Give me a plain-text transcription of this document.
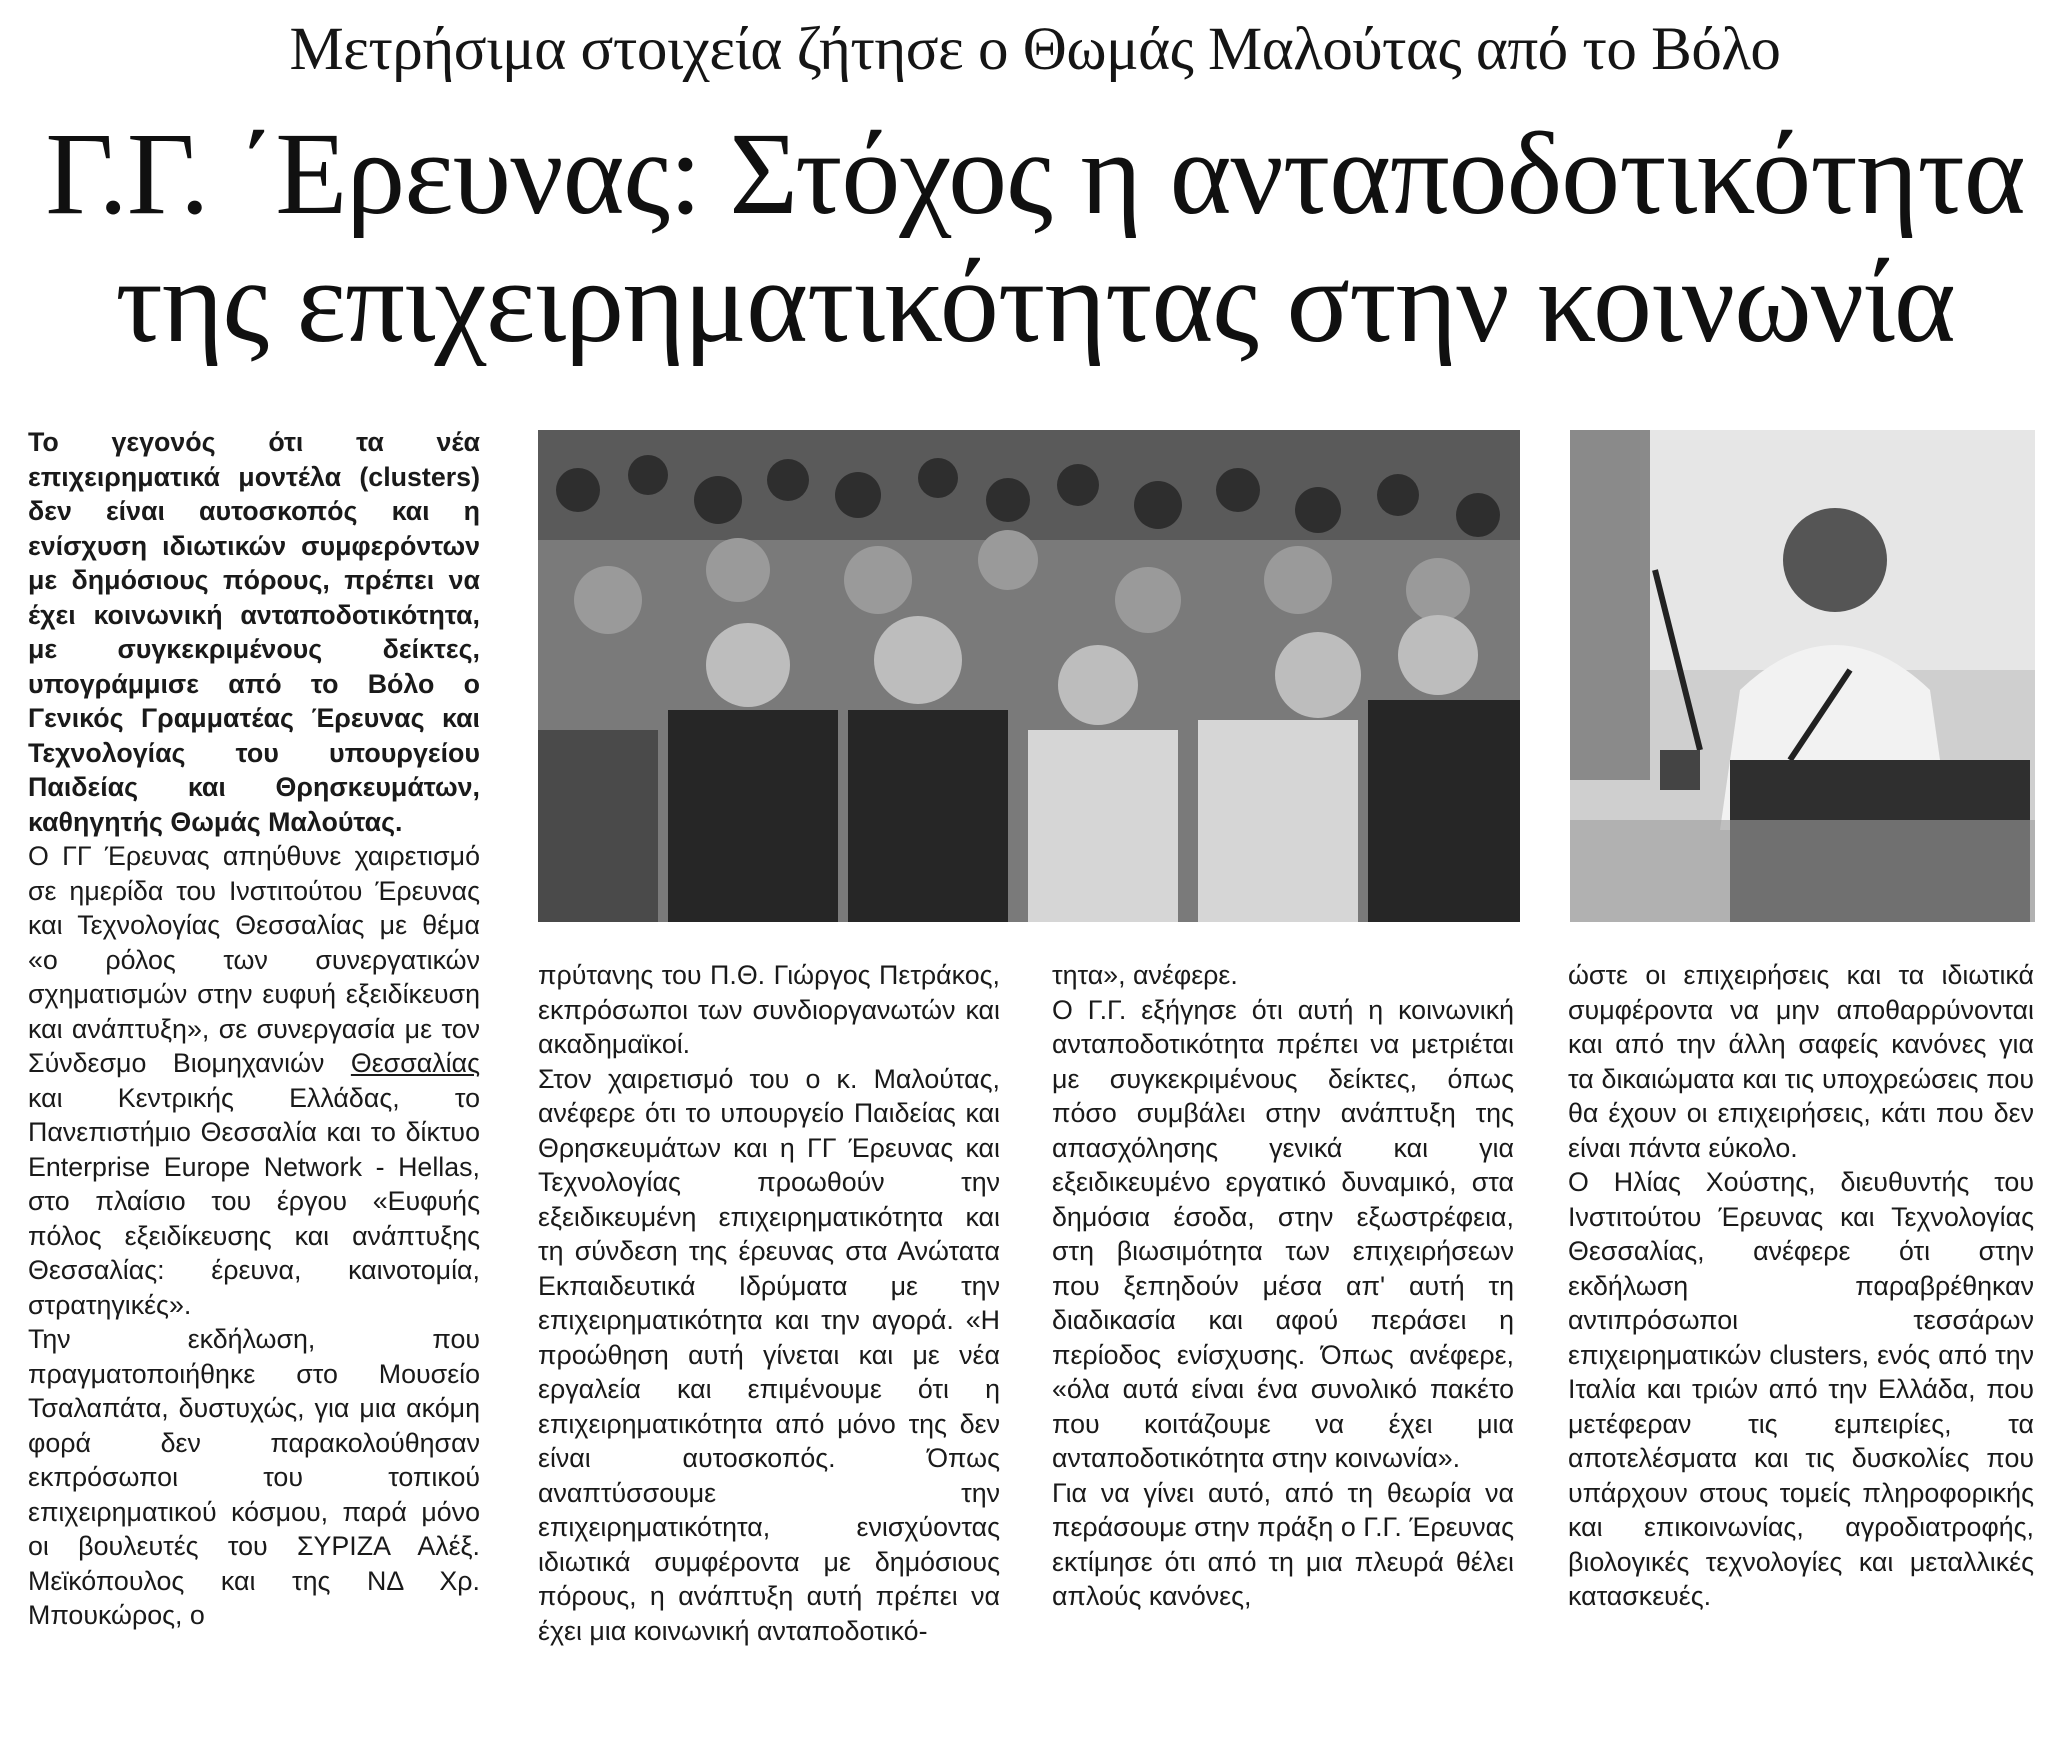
Μετρήσιμα στοιχεία ζήτησε ο Θωμάς Μαλούτας από το Βόλο
Γ.Γ. ΄Ερευνας: Στόχος η ανταποδοτικότητα
της επιχειρηματικότητας στην κοινωνία

Το γεγονός ότι τα νέα επιχειρηματικά μοντέλα (clusters) δεν είναι αυτοσκοπός και η ενίσχυση ιδιωτικών συμφερόντων με δημόσιους πόρους, πρέπει να έχει κοινωνική ανταποδοτικότητα, με συγκεκριμένους δείκτες, υπογράμμισε από το Βόλο ο Γενικός Γραμματέας Έρευνας και Τεχνολογίας του υπουργείου Παιδείας και Θρησκευμάτων, καθηγητής Θωμάς Μαλούτας.

Ο ΓΓ Έρευνας απηύθυνε χαιρετισμό σε ημερίδα του Ινστιτούτου Έρευνας και Τεχνολογίας Θεσσαλίας με θέμα «ο ρόλος των συνεργατικών σχηματισμών στην ευφυή εξειδίκευση και ανάπτυξη», σε συνεργασία με τον Σύνδεσμο Βιομηχανιών Θεσσαλίας και Κεντρικής Ελλάδας, το Πανεπιστήμιο Θεσσαλία και το δίκτυο Enterprise Europe Network - Hellas, στο πλαίσιο του έργου «Ευφυής πόλος εξειδίκευσης και ανάπτυξης Θεσσαλίας: έρευνα, καινοτομία, στρατηγικές».

Την εκδήλωση, που πραγματοποιήθηκε στο Μουσείο Τσαλαπάτα, δυστυχώς, για μια ακόμη φορά δεν παρακολούθησαν εκπρόσωποι του τοπικού επιχειρηματικού κόσμου, παρά μόνο οι βουλευτές του ΣΥΡΙΖΑ Αλέξ. Μεϊκόπουλος και της ΝΔ Χρ. Μπουκώρος, ο

πρύτανης του Π.Θ. Γιώργος Πετράκος, εκπρόσωποι των συνδιοργανωτών και ακαδημαϊκοί.

Στον χαιρετισμό του ο κ. Μαλούτας, ανέφερε ότι το υπουργείο Παιδείας και Θρησκευμάτων και η ΓΓ Έρευνας και Τεχνολογίας προωθούν την εξειδικευμένη επιχειρηματικότητα και τη σύνδεση της έρευνας στα Ανώτατα Εκπαιδευτικά Ιδρύματα με την επιχειρηματικότητα και την αγορά. «Η προώθηση αυτή γίνεται και με νέα εργαλεία και επιμένουμε ότι η επιχειρηματικότητα από μόνο της δεν είναι αυτοσκοπός. Όπως αναπτύσσουμε την επιχειρηματικότητα, ενισχύοντας ιδιωτικά συμφέροντα με δημόσιους πόρους, η ανάπτυξη αυτή πρέπει να έχει μια κοινωνική ανταποδοτικό-

τητα», ανέφερε.

Ο Γ.Γ. εξήγησε ότι αυτή η κοινωνική ανταποδοτικότητα πρέπει να μετριέται με συγκεκριμένους δείκτες, όπως πόσο συμβάλει στην ανάπτυξη της απασχόλησης γενικά και για εξειδικευμένο εργατικό δυναμικό, στα δημόσια έσοδα, στην εξωστρέφεια, στη βιωσιμότητα των επιχειρήσεων που ξεπηδούν μέσα απ' αυτή τη διαδικασία και αφού περάσει η περίοδος ενίσχυσης. Όπως ανέφερε, «όλα αυτά είναι ένα συνολικό πακέτο που κοιτάζουμε να έχει μια ανταποδοτικότητα στην κοινωνία».

Για να γίνει αυτό, από τη θεωρία να περάσουμε στην πράξη ο Γ.Γ. Έρευνας εκτίμησε ότι από τη μια πλευρά θέλει απλούς κανόνες,

ώστε οι επιχειρήσεις και τα ιδιωτικά συμφέροντα να μην αποθαρρύνονται και από την άλλη σαφείς κανόνες για τα δικαιώματα και τις υποχρεώσεις που θα έχουν οι επιχειρήσεις, κάτι που δεν είναι πάντα εύκολο.

Ο Ηλίας Χούστης, διευθυντής του Ινστιτούτου Έρευνας και Τεχνολογίας Θεσσαλίας, ανέφερε ότι στην εκδήλωση παραβρέθηκαν αντιπρόσωποι τεσσάρων επιχειρηματικών clusters, ενός από την Ιταλία και τριών από την Ελλάδα, που μετέφεραν τις εμπειρίες, τα αποτελέσματα και τις δυσκολίες που υπάρχουν στους τομείς πληροφορικής και επικοινωνίας, αγροδιατροφής, βιολογικές τεχνολογίες και μεταλλικές κατασκευές.
